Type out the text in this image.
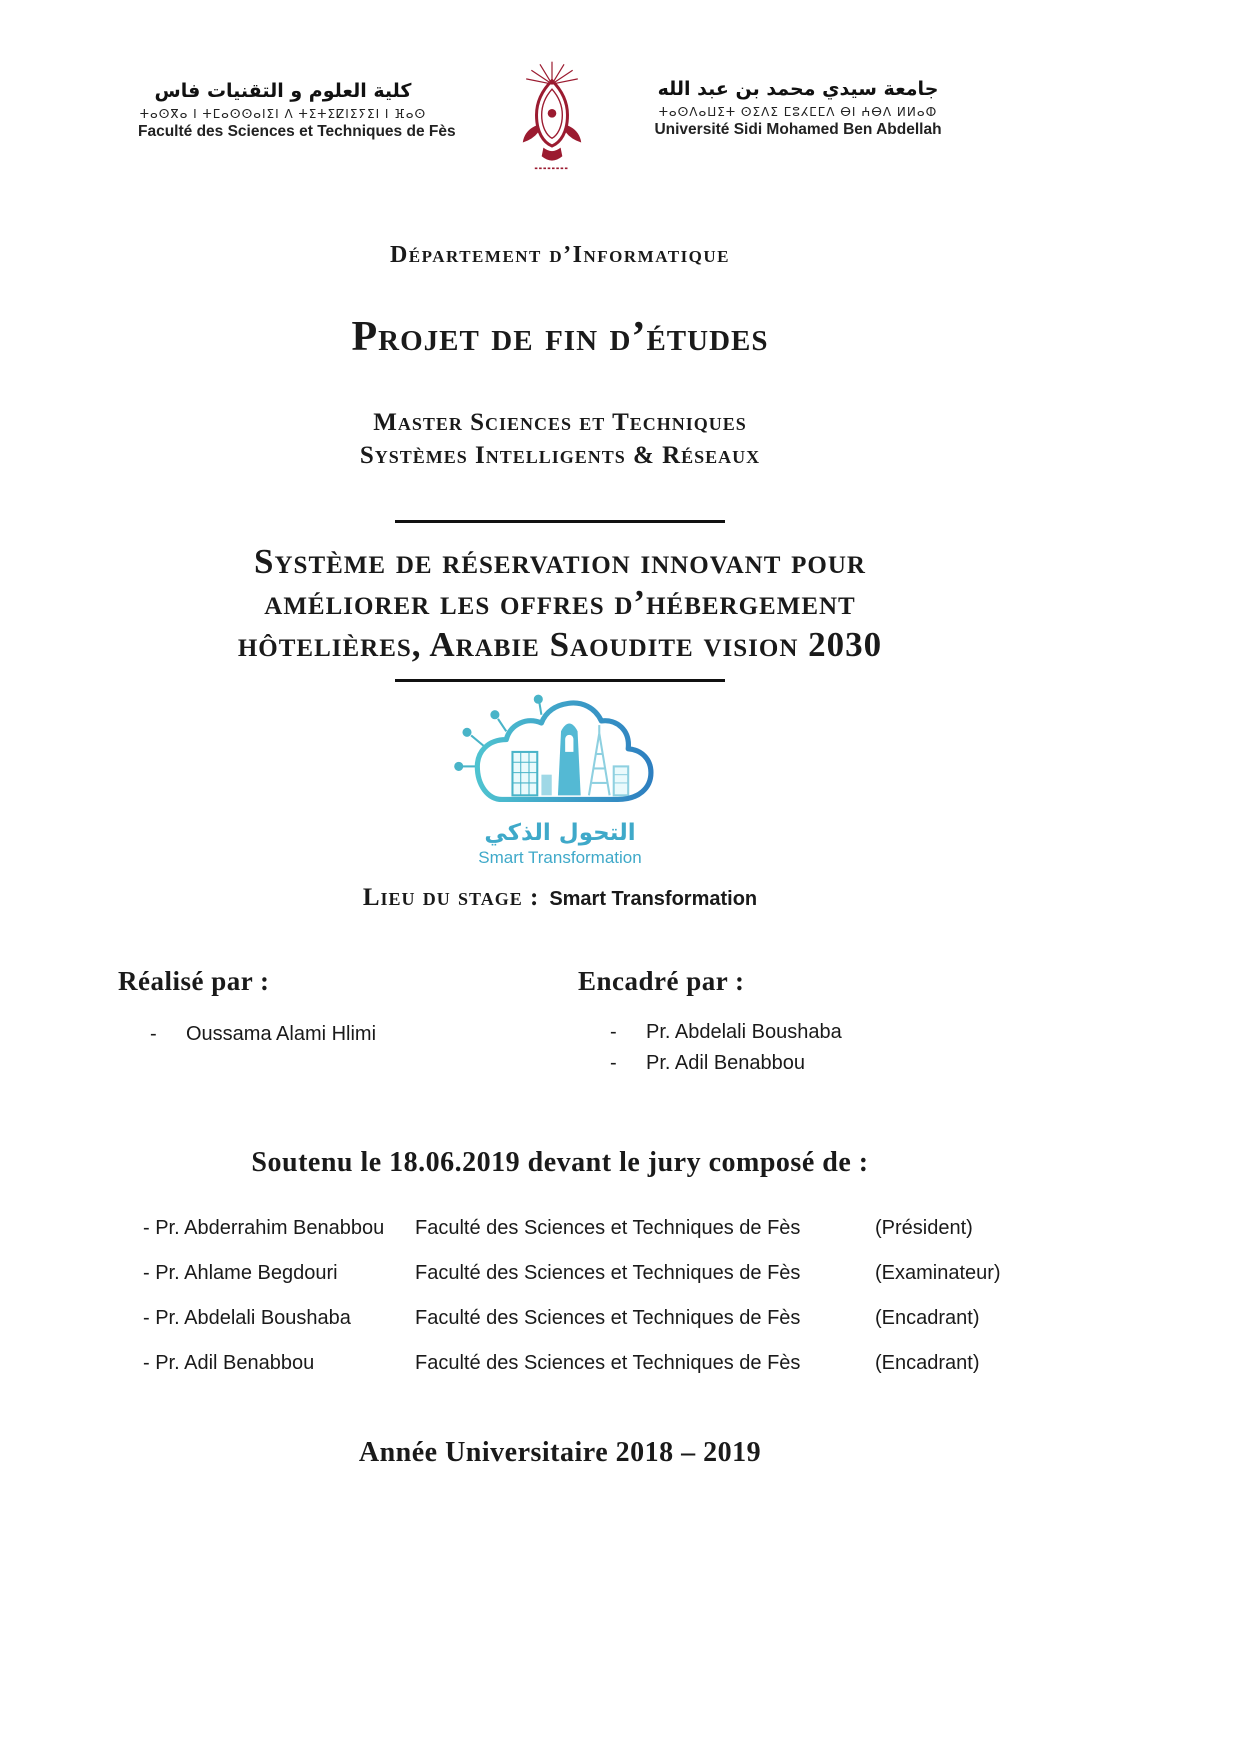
كلية العلوم و التقنيات فاس
ⵜⴰⵙⴳⴰ ⵏ ⵜⵎⴰⵙⵙⴰⵏⵉⵏ ⴷ ⵜⵉⵜⵉⵇⵏⵉⵢⵉⵏ ⵏ ⴼⴰⵙ
Faculté des Sciences et Techniques de Fès
جامعة سيدي محمد بن عبد الله
ⵜⴰⵙⴷⴰⵡⵉⵜ ⵙⵉⴷⵉ ⵎⵓⵃⵎⵎⴷ ⴱⵏ ⵄⴱⴷ ⵍⵍⴰⵀ
Université Sidi Mohamed Ben Abdellah
Département d’Informatique
Projet de fin d’études
Master Sciences et Techniques
Systèmes Intelligents & Réseaux
Système de réservation innovant pour
améliorer les offres d’hébergement
hôtelières, Arabie Saoudite vision 2030
التحول الذكي
Smart Transformation
Lieu du stage : Smart Transformation
Réalisé par :
-	Oussama Alami Hlimi
Encadré par :
-	Pr. Abdelali Boushaba
-	Pr. Adil Benabbou
Soutenu le 18.06.2019 devant le jury composé de :
- Pr. Abderrahim Benabbou	Faculté des Sciences et Techniques de Fès	(Président)
- Pr. Ahlame Begdouri	Faculté des Sciences et Techniques de Fès	(Examinateur)
- Pr. Abdelali Boushaba	Faculté des Sciences et Techniques de Fès	(Encadrant)
- Pr. Adil Benabbou	Faculté des Sciences et Techniques de Fès	(Encadrant)
Année Universitaire 2018 – 2019
